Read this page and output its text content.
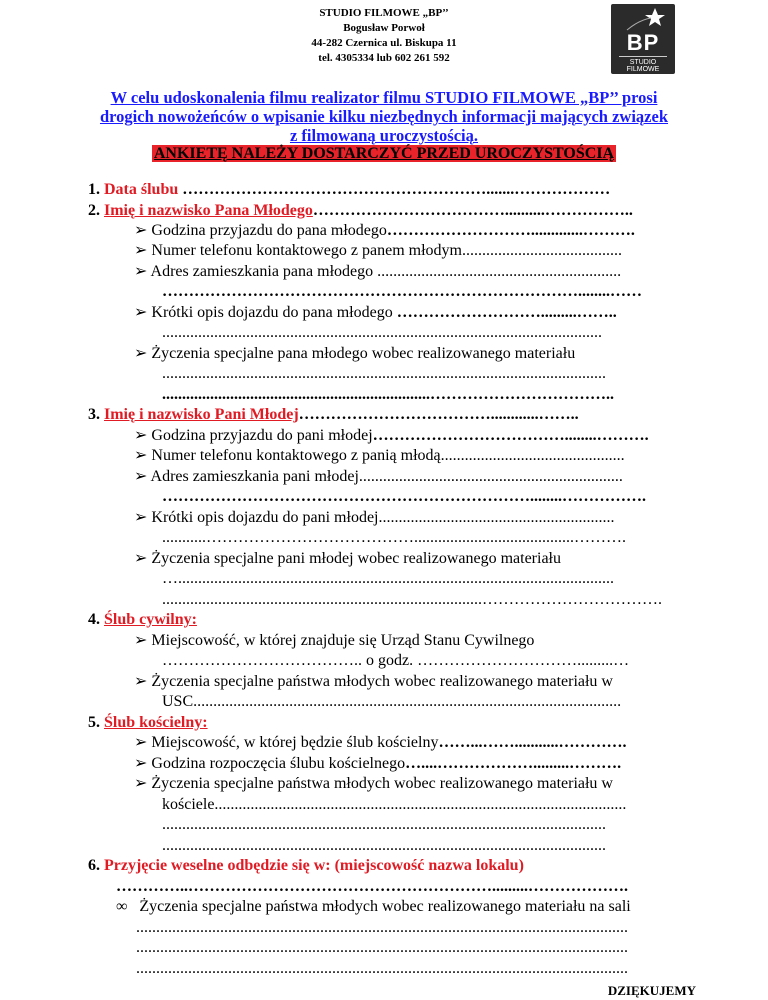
STUDIO FILMOWE „BP’’
Bogusław Porwoł
44-282 Czernica ul. Biskupa 11
tel. 4305334 lub 602 261 592
BP
STUDIO
FILMOWE
W celu udoskonalenia filmu realizator filmu STUDIO FILMOWE „BP’’ prosi
drogich nowożeńców o wpisanie kilku niezbędnych informacji mających związek
z filmowaną uroczystością.
ANKIETĘ NALEŻY DOSTARCZYĆ PRZED UROCZYSTOŚCIĄ
1. Data ślubu ………………………………………………….......………………
2. Imię i nazwisko Pana Młodego………………………………..........……………..
➢ Godzina przyjazdu do pana młodego……………………….............……….
➢ Numer telefonu kontaktowego z panem młodym........................................
➢ Adres zamieszkania pana młodego .............................................................
……………………………………………………………………........……
➢ Krótki opis dojazdu do pana młodego ……………………….........……..
..............................................................................................................
➢ Życzenia specjalne pana młodego wobec realizowanego materiału
...............................................................................................................
...................................................................……………………………..
3. Imię i nazwisko Pani Młodej………………………………............……..
➢ Godzina przyjazdu do pani młodej………………………………........……….
➢ Numer telefonu kontaktowego z panią młodą..............................................
➢ Adres zamieszkania pani młodej..................................................................
……………………………………………………………........…………….
➢ Krótki opis dojazdu do pani młodej...........................................................
...........…………………………………........................................……….
➢ Życzenia specjalne pani młodej wobec realizowanego materiału
….............................................................................................................
................................................................................…………………………….
4. Ślub cywilny:
➢ Miejscowość, w której znajduje się Urząd Stanu Cywilnego
……………………………….. o godz. ………………………….........…
➢ Życzenia specjalne państwa młodych wobec realizowanego materiału w
USC...........................................................................................................
5. Ślub kościelny:
➢ Miejscowość, w której będzie ślub kościelny……...……...........………….
➢ Godzina rozpoczęcia ślubu kościelnego…....……………….........……….
➢ Życzenia specjalne państwa młodych wobec realizowanego materiału w
kościele.......................................................................................................
...............................................................................................................
...............................................................................................................
6. Przyjęcie weselne odbędzie się w: (miejscowość nazwa lokalu)
…………..………………………………………………….........……………….
∞ Życzenia specjalne państwa młodych wobec realizowanego materiału na sali
...........................................................................................................................
...........................................................................................................................
...........................................................................................................................
DZIĘKUJEMY
